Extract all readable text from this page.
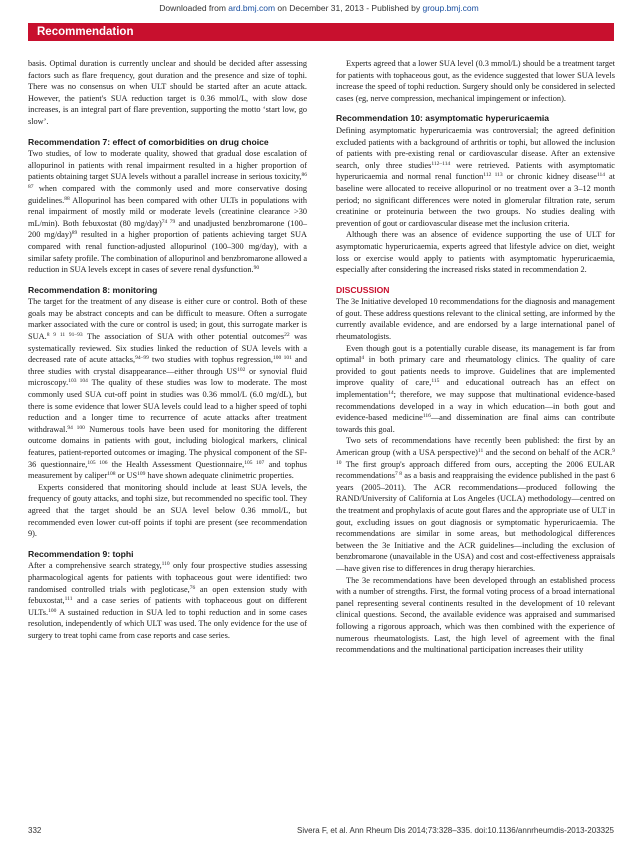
Downloaded from ard.bmj.com on December 31, 2013 - Published by group.bmj.com
Recommendation

basis. Optimal duration is currently unclear and should be decided after assessing factors such as flare frequency, gout duration and the presence and size of tophi. There was no consensus on when ULT should be started after an acute attack. However, the patient's SUA reduction target is 0.36 mmol/L, with slow dose increases, is an integral part of flare prevention, supporting the motto ‘start low, go slow’.

Recommendation 7: effect of comorbidities on drug choice

Two studies, of low to moderate quality, showed that gradual dose escalation of allopurinol in patients with renal impairment resulted in a higher proportion of patients obtaining target SUA levels without a parallel increase in serious toxicity,$^{86 87}$ when compared with the commonly used and more conservative dosing guidelines.$^{88}$ Allopurinol has been compared with other ULTs in populations with renal impairment of mostly mild or moderate levels (creatinine clearance >30 mL/min). Both febuxostat (80 mg/day)$^{74 79}$ and unadjusted benzbromarone (100–200 mg/day)$^{89}$ resulted in a higher proportion of patients achieving target SUA compared with renal function-adjusted allopurinol (100–300 mg/day), with a similar safety profile. The combination of allopurinol and benzbromarone allowed a reduction in SUA levels except in cases of severe renal dysfunction.$^{90}$

Recommendation 8: monitoring

The target for the treatment of any disease is either cure or control. Both of these goals may be abstract concepts and can be difficult to measure. Often a surrogate marker associated with the cure or control is used; in gout, this surrogate marker is SUA.$^{8 9 11 91-93}$ The association of SUA with other potential outcomes$^{22}$ was systematically reviewed. Six studies linked the reduction of SUA levels with a decreased rate of acute attacks,$^{94-99}$ two studies with tophus regression,$^{100 101}$ and three studies with crystal disappearance—either through US$^{102}$ or synovial fluid microscopy.$^{103 104}$ The quality of these studies was low to moderate. The most commonly used SUA cut-off point in studies was 0.36 mmol/L (6.0 mg/dL), but there is some evidence that lower SUA levels could lead to a higher speed of tophi reduction and a longer time to recurrence of acute attacks after treatment withdrawal.$^{94 100}$ Numerous tools have been used for monitoring the different outcome domains in patients with gout, including biological markers, clinical features, patient-reported outcomes or imaging. The physical component of the SF-36 questionnaire,$^{105 106}$ the Health Assessment Questionnaire,$^{105 107}$ and tophus measurement by caliper$^{108}$ or US$^{109}$ have shown adequate clinimetric properties.

Experts considered that monitoring should include at least SUA levels, the frequency of gouty attacks, and tophi size, but recommended no specific tool. They agreed that the target should be an SUA level below 0.36 mmol/L, but recommended even lower cut-off points if tophi are present (see recommendation 9).

Recommendation 9: tophi

After a comprehensive search strategy,$^{110}$ only four prospective studies assessing pharmacological agents for patients with tophaceous gout were identified: two randomised controlled trials with pegloticase,$^{76}$ an open extension study with febuxostat,$^{111}$ and a case series of patients with tophaceous gout on different ULTs.$^{100}$ A sustained reduction in SUA led to tophi reduction and in some cases resolution, independently of which ULT was used. The only evidence for the use of surgery to treat tophi came from case reports and case series.

Experts agreed that a lower SUA level (0.3 mmol/L) should be a treatment target for patients with tophaceous gout, as the evidence suggested that lower SUA levels increase the speed of tophi reduction. Surgery should only be considered in selected cases (eg, nerve compression, mechanical impingement or infection).

Recommendation 10: asymptomatic hyperuricaemia

Defining asymptomatic hyperuricaemia was controversial; the agreed definition excluded patients with a background of arthritis or tophi, but allowed the inclusion of patients with pre-existing renal or cardiovascular disease. After an extensive search, only three studies$^{112-114}$ were retrieved. Patients with asymptomatic hyperuricaemia and normal renal function$^{112 113}$ or chronic kidney disease$^{114}$ at baseline were allocated to receive allopurinol or no treatment over a 3–12 month period; no significant differences were noted in glomerular filtration rate, serum creatinine or proteinuria between the two groups. No studies dealing with prevention of gout or cardiovascular disease met the inclusion criteria.

Although there was an absence of evidence supporting the use of ULT for asymptomatic hyperuricaemia, experts agreed that lifestyle advice on diet, weight loss or exercise would apply to patients with asymptomatic hyperuricaemia, especially after considering the increased risks stated in recommendation 2.

DISCUSSION

The 3e Initiative developed 10 recommendations for the diagnosis and management of gout. These address questions relevant to the clinical setting, are informed by the currently available evidence, and are endorsed by a large international panel of rheumatologists.

Even though gout is a potentially curable disease, its management is far from optimal$^4$ in both primary care and rheumatology clinics. The quality of care provided to gout patients needs to improve. Guidelines that are implemented improve quality of care,$^{115}$ and educational outreach has an effect on implementation$^{14}$; therefore, we may suppose that multinational evidence-based recommendations developed in a way in which education—in both gout and evidence-based medicine$^{116}$—and dissemination are final aims can contribute towards this goal.

Two sets of recommendations have recently been published: the first by an American group (with a USA perspective)$^{11}$ and the second on behalf of the ACR.$^{9 10}$ The first group's approach differed from ours, accepting the 2006 EULAR recommendations$^{7 8}$ as a basis and reappraising the evidence published in the past 6 years (2005–2011). The ACR recommendations—produced following the RAND/University of California at Los Angeles (UCLA) methodology—centred on the treatment and prophylaxis of acute gout flares and the appropriate use of ULT in gout, excluding issues on gout diagnosis or symptomatic hyperuricaemia. The recommendations are similar in some areas, but methodological differences between the 3e Initiative and the ACR guidelines—including the exclusion of benzbromarone (unavailable in the USA) and cost and cost-effectiveness appraisals—have given rise to differences in drug therapy hierarchies.

The 3e recommendations have been developed through an established process with a number of strengths. First, the formal voting process of a broad international panel representing several continents resulted in the development of 10 relevant clinical questions. Second, the available evidence was appraised and summarised following a rigorous approach, which was then combined with the experience of numerous rheumatologists. Last, the high level of agreement with the final recommendations and the multinational participation increases their utility

332	Sivera F, et al. Ann Rheum Dis 2014;73:328–335. doi:10.1136/annrheumdis-2013-203325
